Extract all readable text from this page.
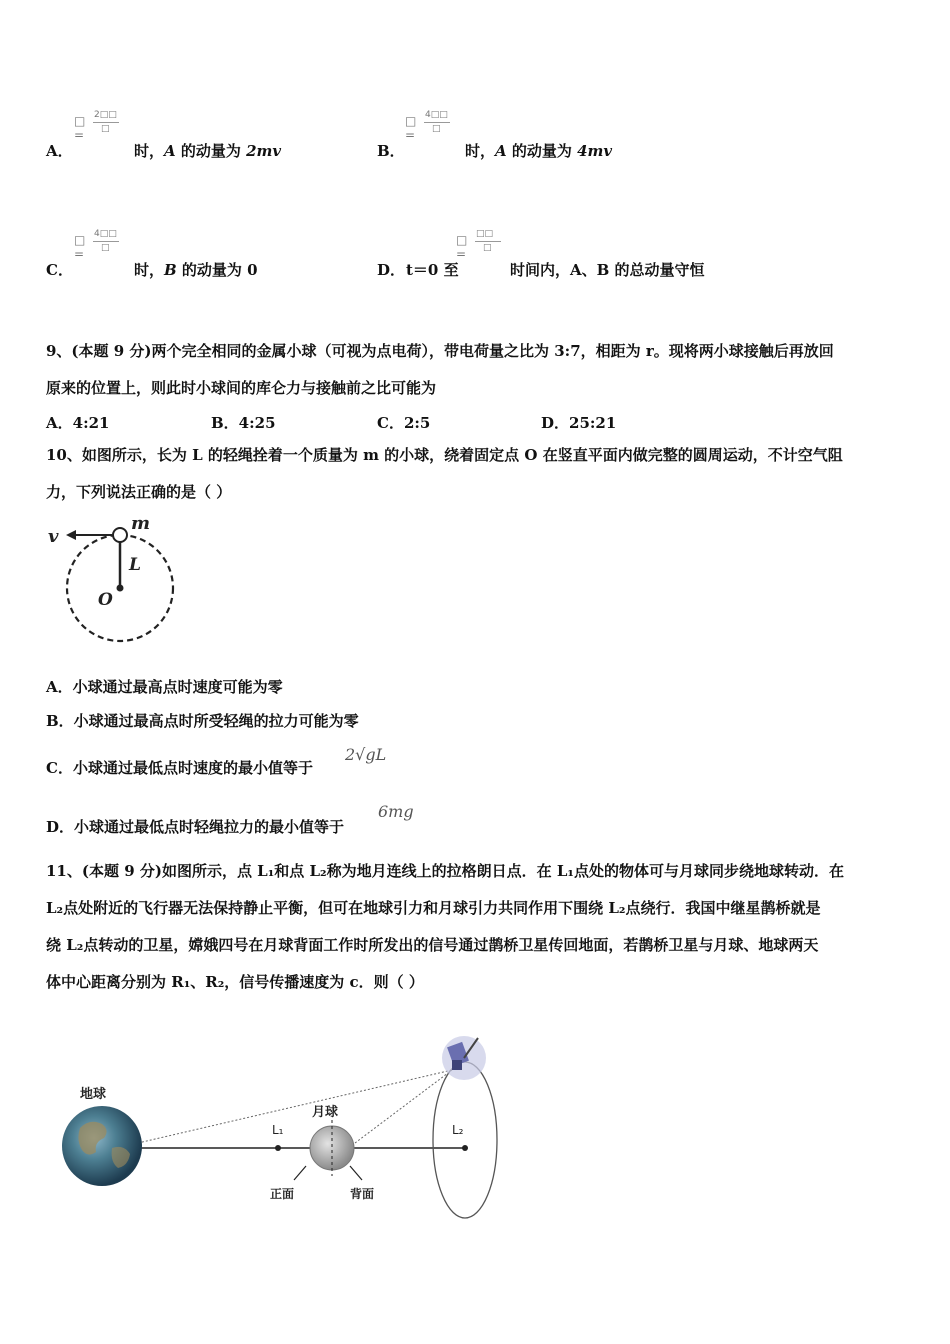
□ =
2□□
□
A．	时，A 的动量为 2mv
□ =
4□□
□
B．	时，A 的动量为 4mv
□ =
4□□
□
C．	时，B 的动量为 0	D． t＝0 至
□ =
□□
□
时间内，A、B 的总动量守恒
9、(本题 9 分)两个完全相同的金属小球（可视为点电荷），带电荷量之比为 3:7，相距为 r。现将两小球接触后再放回
原来的位置上，则此时小球间的库仑力与接触前之比可能为
A．4:21	B．4:25	C．2:5	D．25:21
10、如图所示，长为 L 的轻绳拴着一个质量为 m 的小球，绕着固定点 O 在竖直平面内做完整的圆周运动，不计空气阻
力，下列说法正确的是（ ）
v
m
L
O
A．小球通过最高点时速度可能为零
B．小球通过最高点时所受轻绳的拉力可能为零
C．小球通过最低点时速度的最小值等于
2√gL
D．小球通过最低点时轻绳拉力的最小值等于
6mg
11、(本题 9 分)如图所示，点 L₁和点 L₂称为地月连线上的拉格朗日点．在 L₁点处的物体可与月球同步绕地球转动．在
L₂点处附近的飞行器无法保持静止平衡，但可在地球引力和月球引力共同作用下围绕 L₂点绕行．我国中继星鹊桥就是
绕 L₂点转动的卫星，嫦娥四号在月球背面工作时所发出的信号通过鹊桥卫星传回地面，若鹊桥卫星与月球、地球两天
体中心距离分别为 R₁、R₂，信号传播速度为 c．则（ ）
地球
L₁
月球
正面	背面
L₂
